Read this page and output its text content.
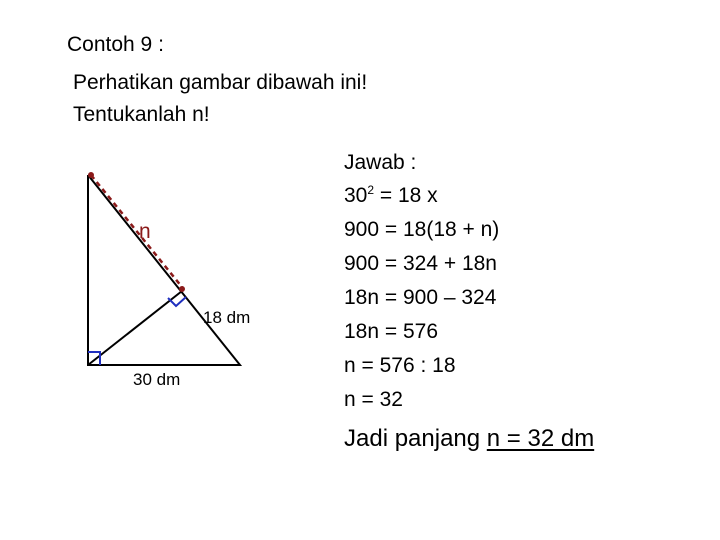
Contoh 9 :
Perhatikan gambar dibawah ini!
Tentukanlah n!
n
18 dm
30 dm
Jawab :
$30^2 = 18$ x
900 = 18(18 + n)
900 = 324 + 18n
18n = 900 – 324
18n = 576
n = 576 : 18
n = 32
Jadi panjang n = 32 dm
